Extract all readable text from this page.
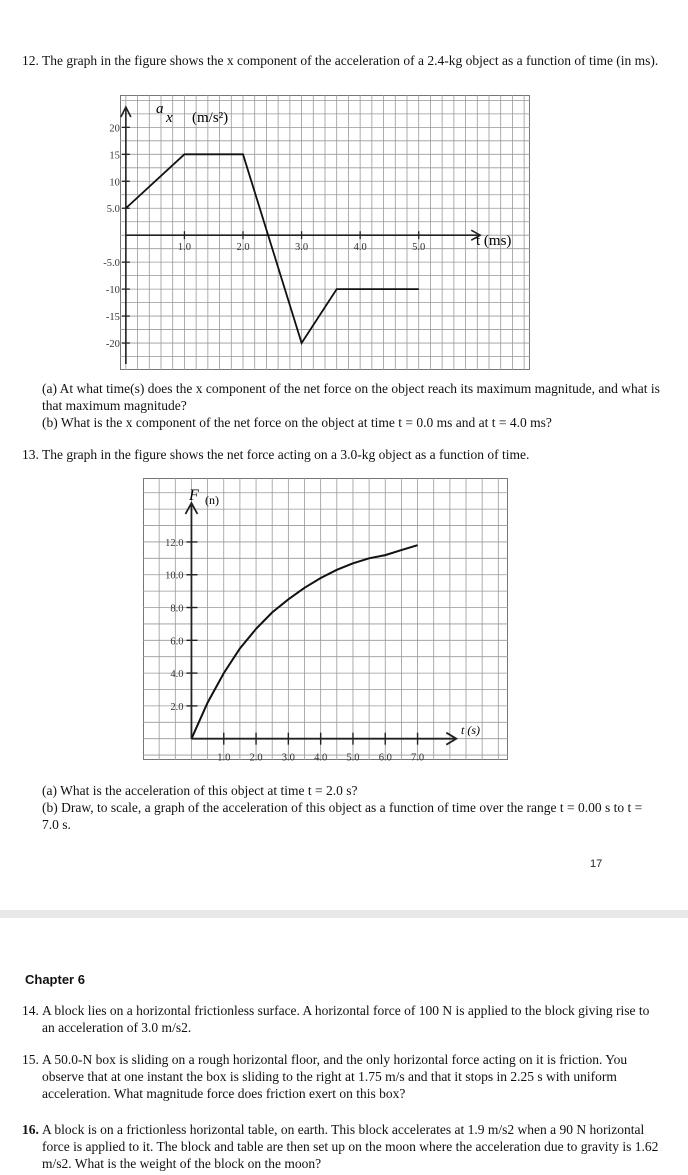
12. The graph in the figure shows the x component of the acceleration of a 2.4-kg object as a function of time (in ms).
1.0	2.0	3.0	4.0	5.0
20
15
10
5.0
-5.0
-10
-15
-20
a
x (m/s²)
t (ms)
(a) At what time(s) does the x component of the net force on the object reach its maximum magnitude, and what is that maximum magnitude?
(b) What is the x component of the net force on the object at time t = 0.0 ms and at t = 4.0 ms?
13. The graph in the figure shows the net force acting on a 3.0-kg object as a function of time.
1.0 2.0 3.0 4.0 5.0 6.0 7.0
12.0
10.0
8.0
6.0
4.0
2.0
F (n)
t (s)
(a) What is the acceleration of this object at time t = 2.0 s?
(b) Draw, to scale, a graph of the acceleration of this object as a function of time over the range t = 0.00 s to t = 7.0 s.
17
Chapter 6
14. A block lies on a horizontal frictionless surface. A horizontal force of 100 N is applied to the block giving rise to an acceleration of 3.0 m/s2.
15. A 50.0-N box is sliding on a rough horizontal floor, and the only horizontal force acting on it is friction. You observe that at one instant the box is sliding to the right at 1.75 m/s and that it stops in 2.25 s with uniform acceleration. What magnitude force does friction exert on this box?
16. A block is on a frictionless horizontal table, on earth. This block accelerates at 1.9 m/s2 when a 90 N horizontal force is applied to it. The block and table are then set up on the moon where the acceleration due to gravity is 1.62 m/s2. What is the weight of the block on the moon?
